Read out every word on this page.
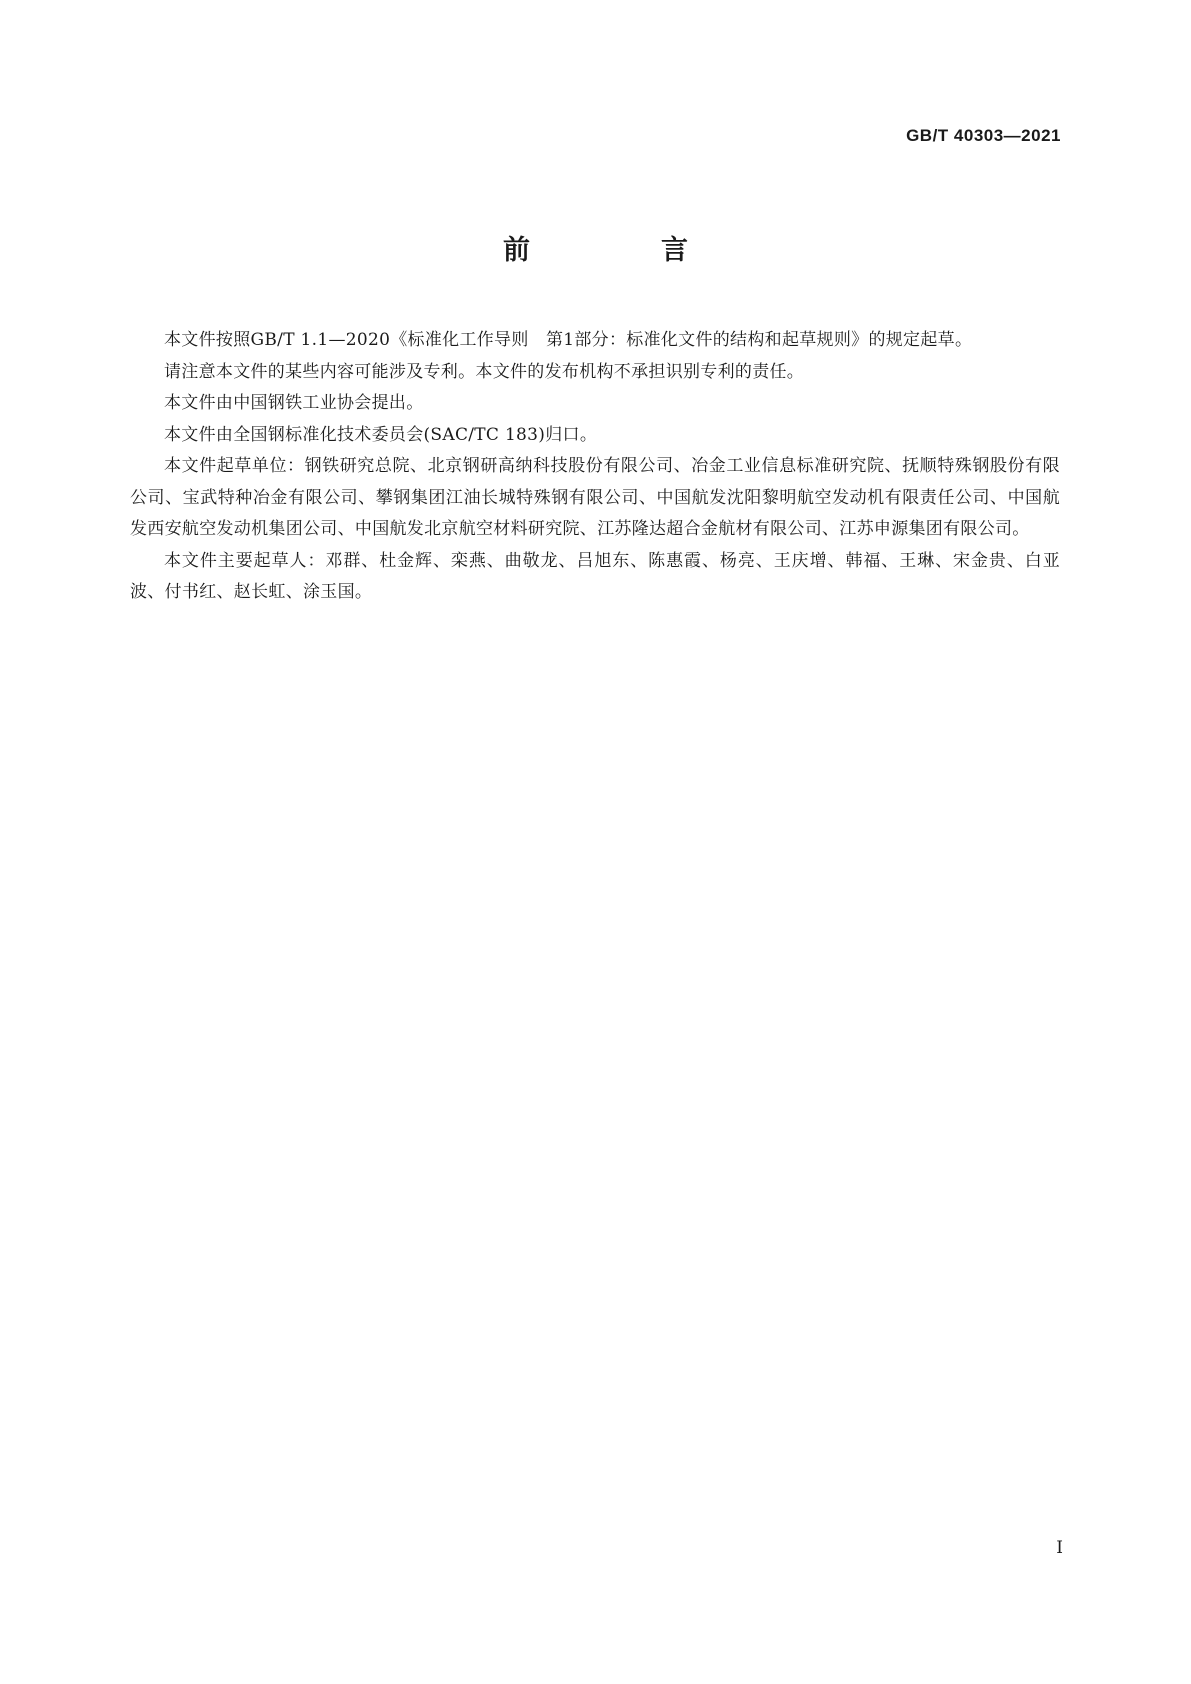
GB/T 40303—2021
前　言

本文件按照GB/T 1.1—2020《标准化工作导则　第1部分：标准化文件的结构和起草规则》的规定起草。

请注意本文件的某些内容可能涉及专利。本文件的发布机构不承担识别专利的责任。

本文件由中国钢铁工业协会提出。

本文件由全国钢标准化技术委员会(SAC/TC 183)归口。

本文件起草单位：钢铁研究总院、北京钢研高纳科技股份有限公司、冶金工业信息标准研究院、抚顺特殊钢股份有限公司、宝武特种冶金有限公司、攀钢集团江油长城特殊钢有限公司、中国航发沈阳黎明航空发动机有限责任公司、中国航发西安航空发动机集团公司、中国航发北京航空材料研究院、江苏隆达超合金航材有限公司、江苏申源集团有限公司。

本文件主要起草人：邓群、杜金辉、栾燕、曲敬龙、吕旭东、陈惠霞、杨亮、王庆增、韩福、王琳、宋金贵、白亚波、付书红、赵长虹、涂玉国。

I
